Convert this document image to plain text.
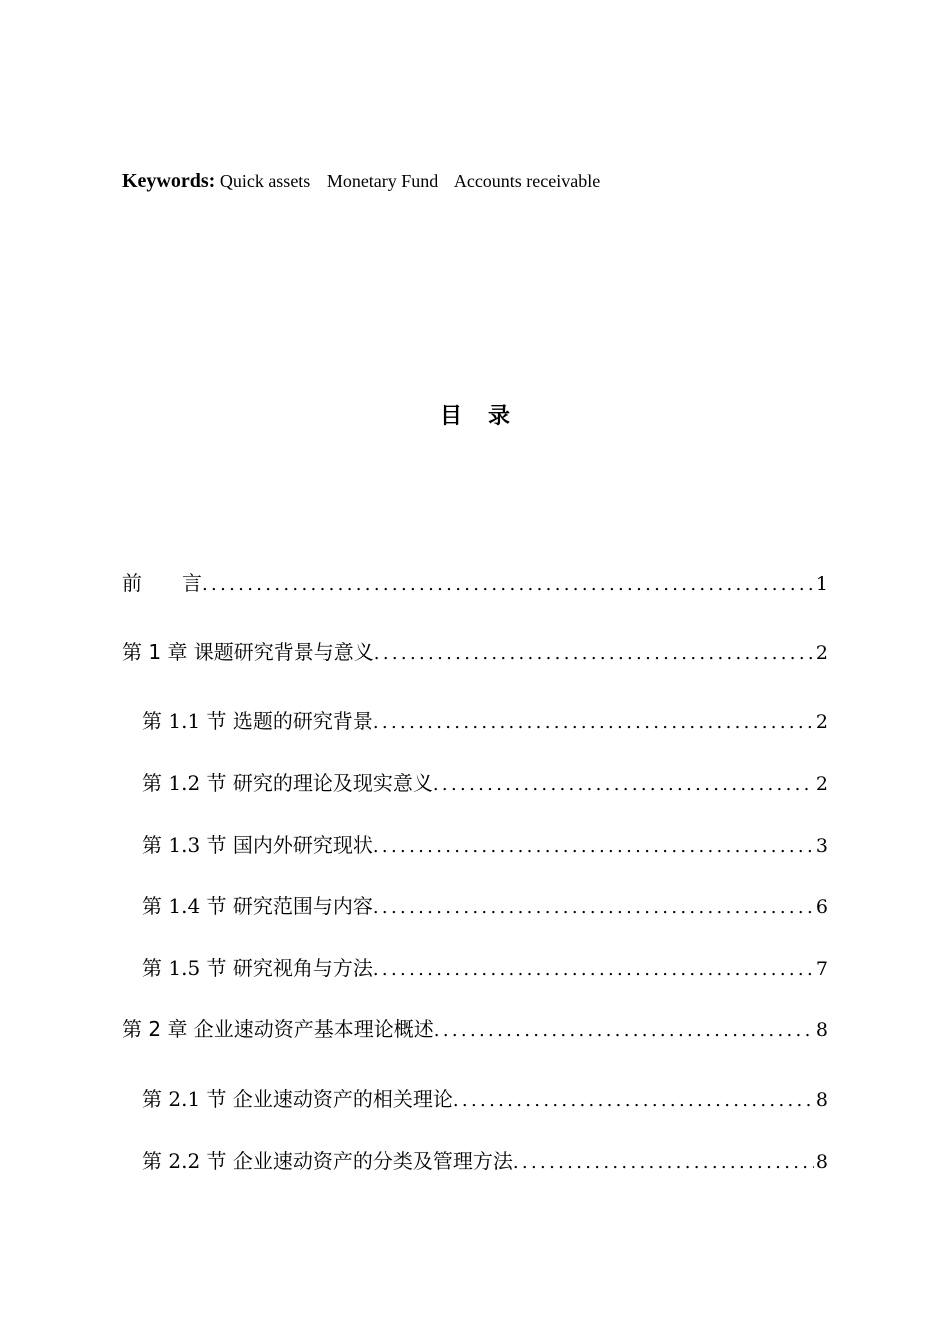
Keywords: Quick assets Monetary Fund Accounts receivable
目 录
前　　言 . . .	1
第 1 章 课题研究背景与意义 . . .	2
第 1.1 节 选题的研究背景 . . .	2
第 1.2 节 研究的理论及现实意义 . . .	2
第 1.3 节 国内外研究现状 . . .	3
第 1.4 节 研究范围与内容 . . .	6
第 1.5 节 研究视角与方法 . . .	7
第 2 章 企业速动资产基本理论概述 . . .	8
第 2.1 节 企业速动资产的相关理论 . . .	8
第 2.2 节 企业速动资产的分类及管理方法 . . .	8
